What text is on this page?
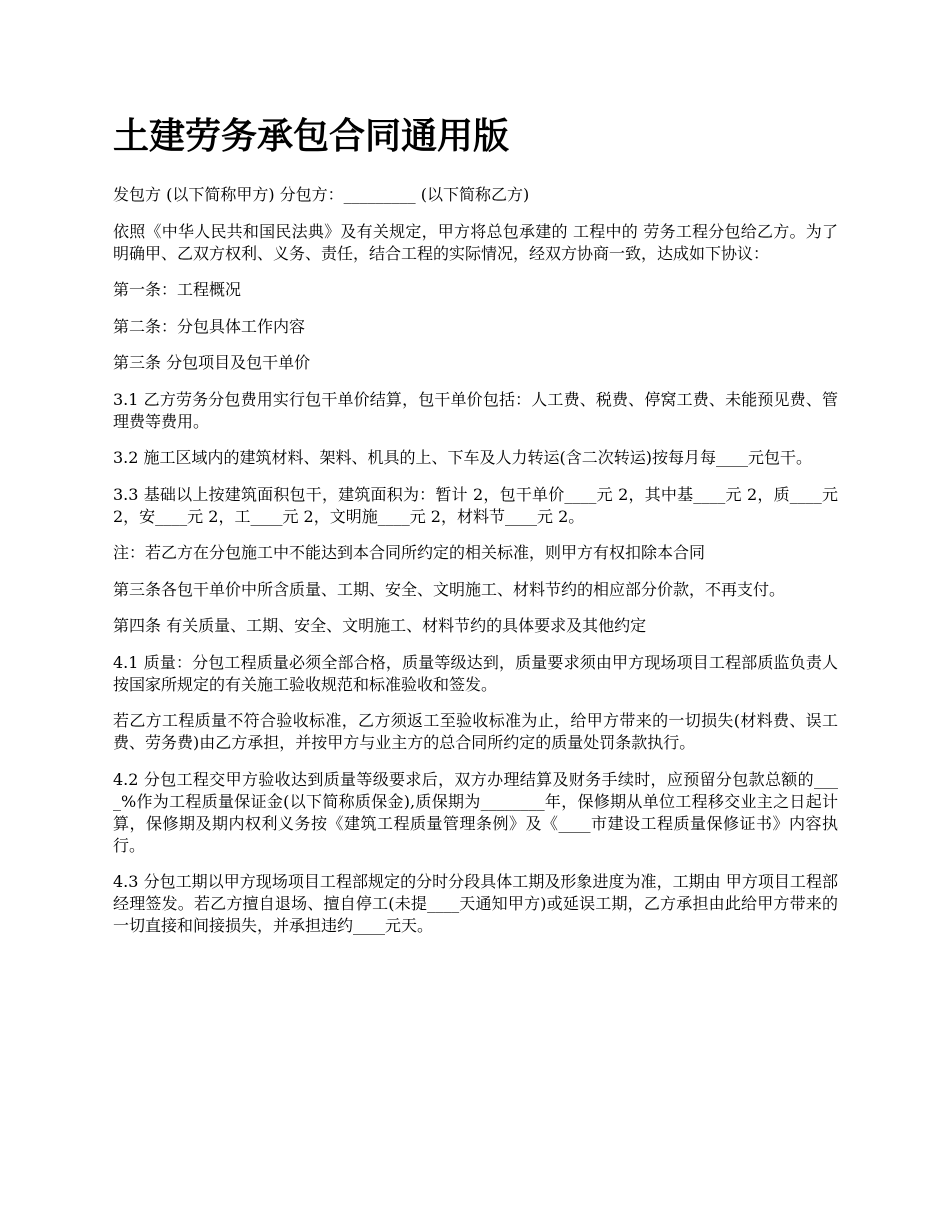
土建劳务承包合同通用版

发包方 (以下简称甲方) 分包方：_________ (以下简称乙方)

依照《中华人民共和国民法典》及有关规定，甲方将总包承建的 工程中的 劳务工程分包给乙方。为了明确甲、乙双方权利、义务、责任，结合工程的实际情况，经双方协商一致，达成如下协议：

第一条：工程概况

第二条：分包具体工作内容

第三条 分包项目及包干单价

3.1 乙方劳务分包费用实行包干单价结算，包干单价包括：人工费、税费、停窝工费、未能预见费、管理费等费用。

3.2 施工区域内的建筑材料、架料、机具的上、下车及人力转运(含二次转运)按每月每____元包干。

3.3 基础以上按建筑面积包干，建筑面积为：暂计 2，包干单价____元 2，其中基____元 2，质____元 2，安____元 2，工____元 2，文明施____元 2，材料节____元 2。

注：若乙方在分包施工中不能达到本合同所约定的相关标准，则甲方有权扣除本合同

第三条各包干单价中所含质量、工期、安全、文明施工、材料节约的相应部分价款，不再支付。

第四条 有关质量、工期、安全、文明施工、材料节约的具体要求及其他约定

4.1 质量：分包工程质量必须全部合格，质量等级达到，质量要求须由甲方现场项目工程部质监负责人按国家所规定的有关施工验收规范和标准验收和签发。

若乙方工程质量不符合验收标准，乙方须返工至验收标准为止，给甲方带来的一切损失(材料费、误工费、劳务费)由乙方承担，并按甲方与业主方的总合同所约定的质量处罚条款执行。

4.2 分包工程交甲方验收达到质量等级要求后，双方办理结算及财务手续时，应预留分包款总额的____%作为工程质量保证金(以下简称质保金),质保期为________年，保修期从单位工程移交业主之日起计算，保修期及期内权利义务按《建筑工程质量管理条例》及《____市建设工程质量保修证书》内容执行。

4.3 分包工期以甲方现场项目工程部规定的分时分段具体工期及形象进度为准，工期由 甲方项目工程部经理签发。若乙方擅自退场、擅自停工(未提____天通知甲方)或延误工期，乙方承担由此给甲方带来的一切直接和间接损失，并承担违约____元天。
